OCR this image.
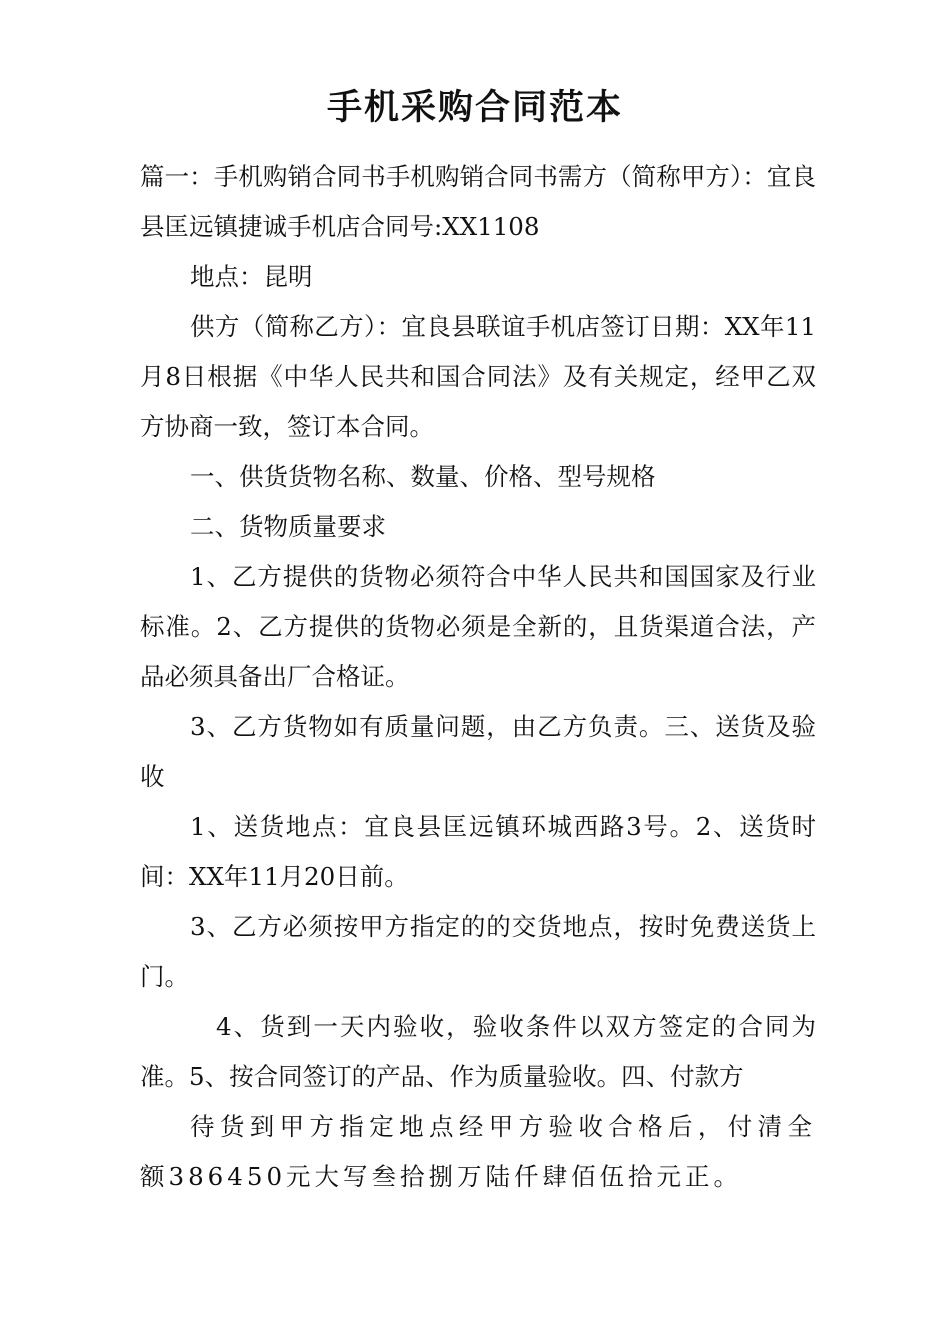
手机采购合同范本

篇一：手机购销合同书手机购销合同书需方（简称甲方）：宜良县匡远镇捷诚手机店合同号:XX1108

地点：昆明

供方（简称乙方）：宜良县联谊手机店签订日期：XX年11月8日根据《中华人民共和国合同法》及有关规定，经甲乙双方协商一致，签订本合同。

一、供货货物名称、数量、价格、型号规格

二、货物质量要求

1、乙方提供的货物必须符合中华人民共和国国家及行业标准。2、乙方提供的货物必须是全新的，且货渠道合法，产品必须具备出厂合格证。

3、乙方货物如有质量问题，由乙方负责。三、送货及验收

1、送货地点：宜良县匡远镇环城西路3号。2、送货时间：XX年11月20日前。

3、乙方必须按甲方指定的的交货地点，按时免费送货上门。

4、货到一天内验收，验收条件以双方签定的合同为准。5、按合同签订的产品、作为质量验收。四、付款方

待货到甲方指定地点经甲方验收合格后，付清全额386450元大写叁拾捌万陆仟肆佰伍拾元正。
